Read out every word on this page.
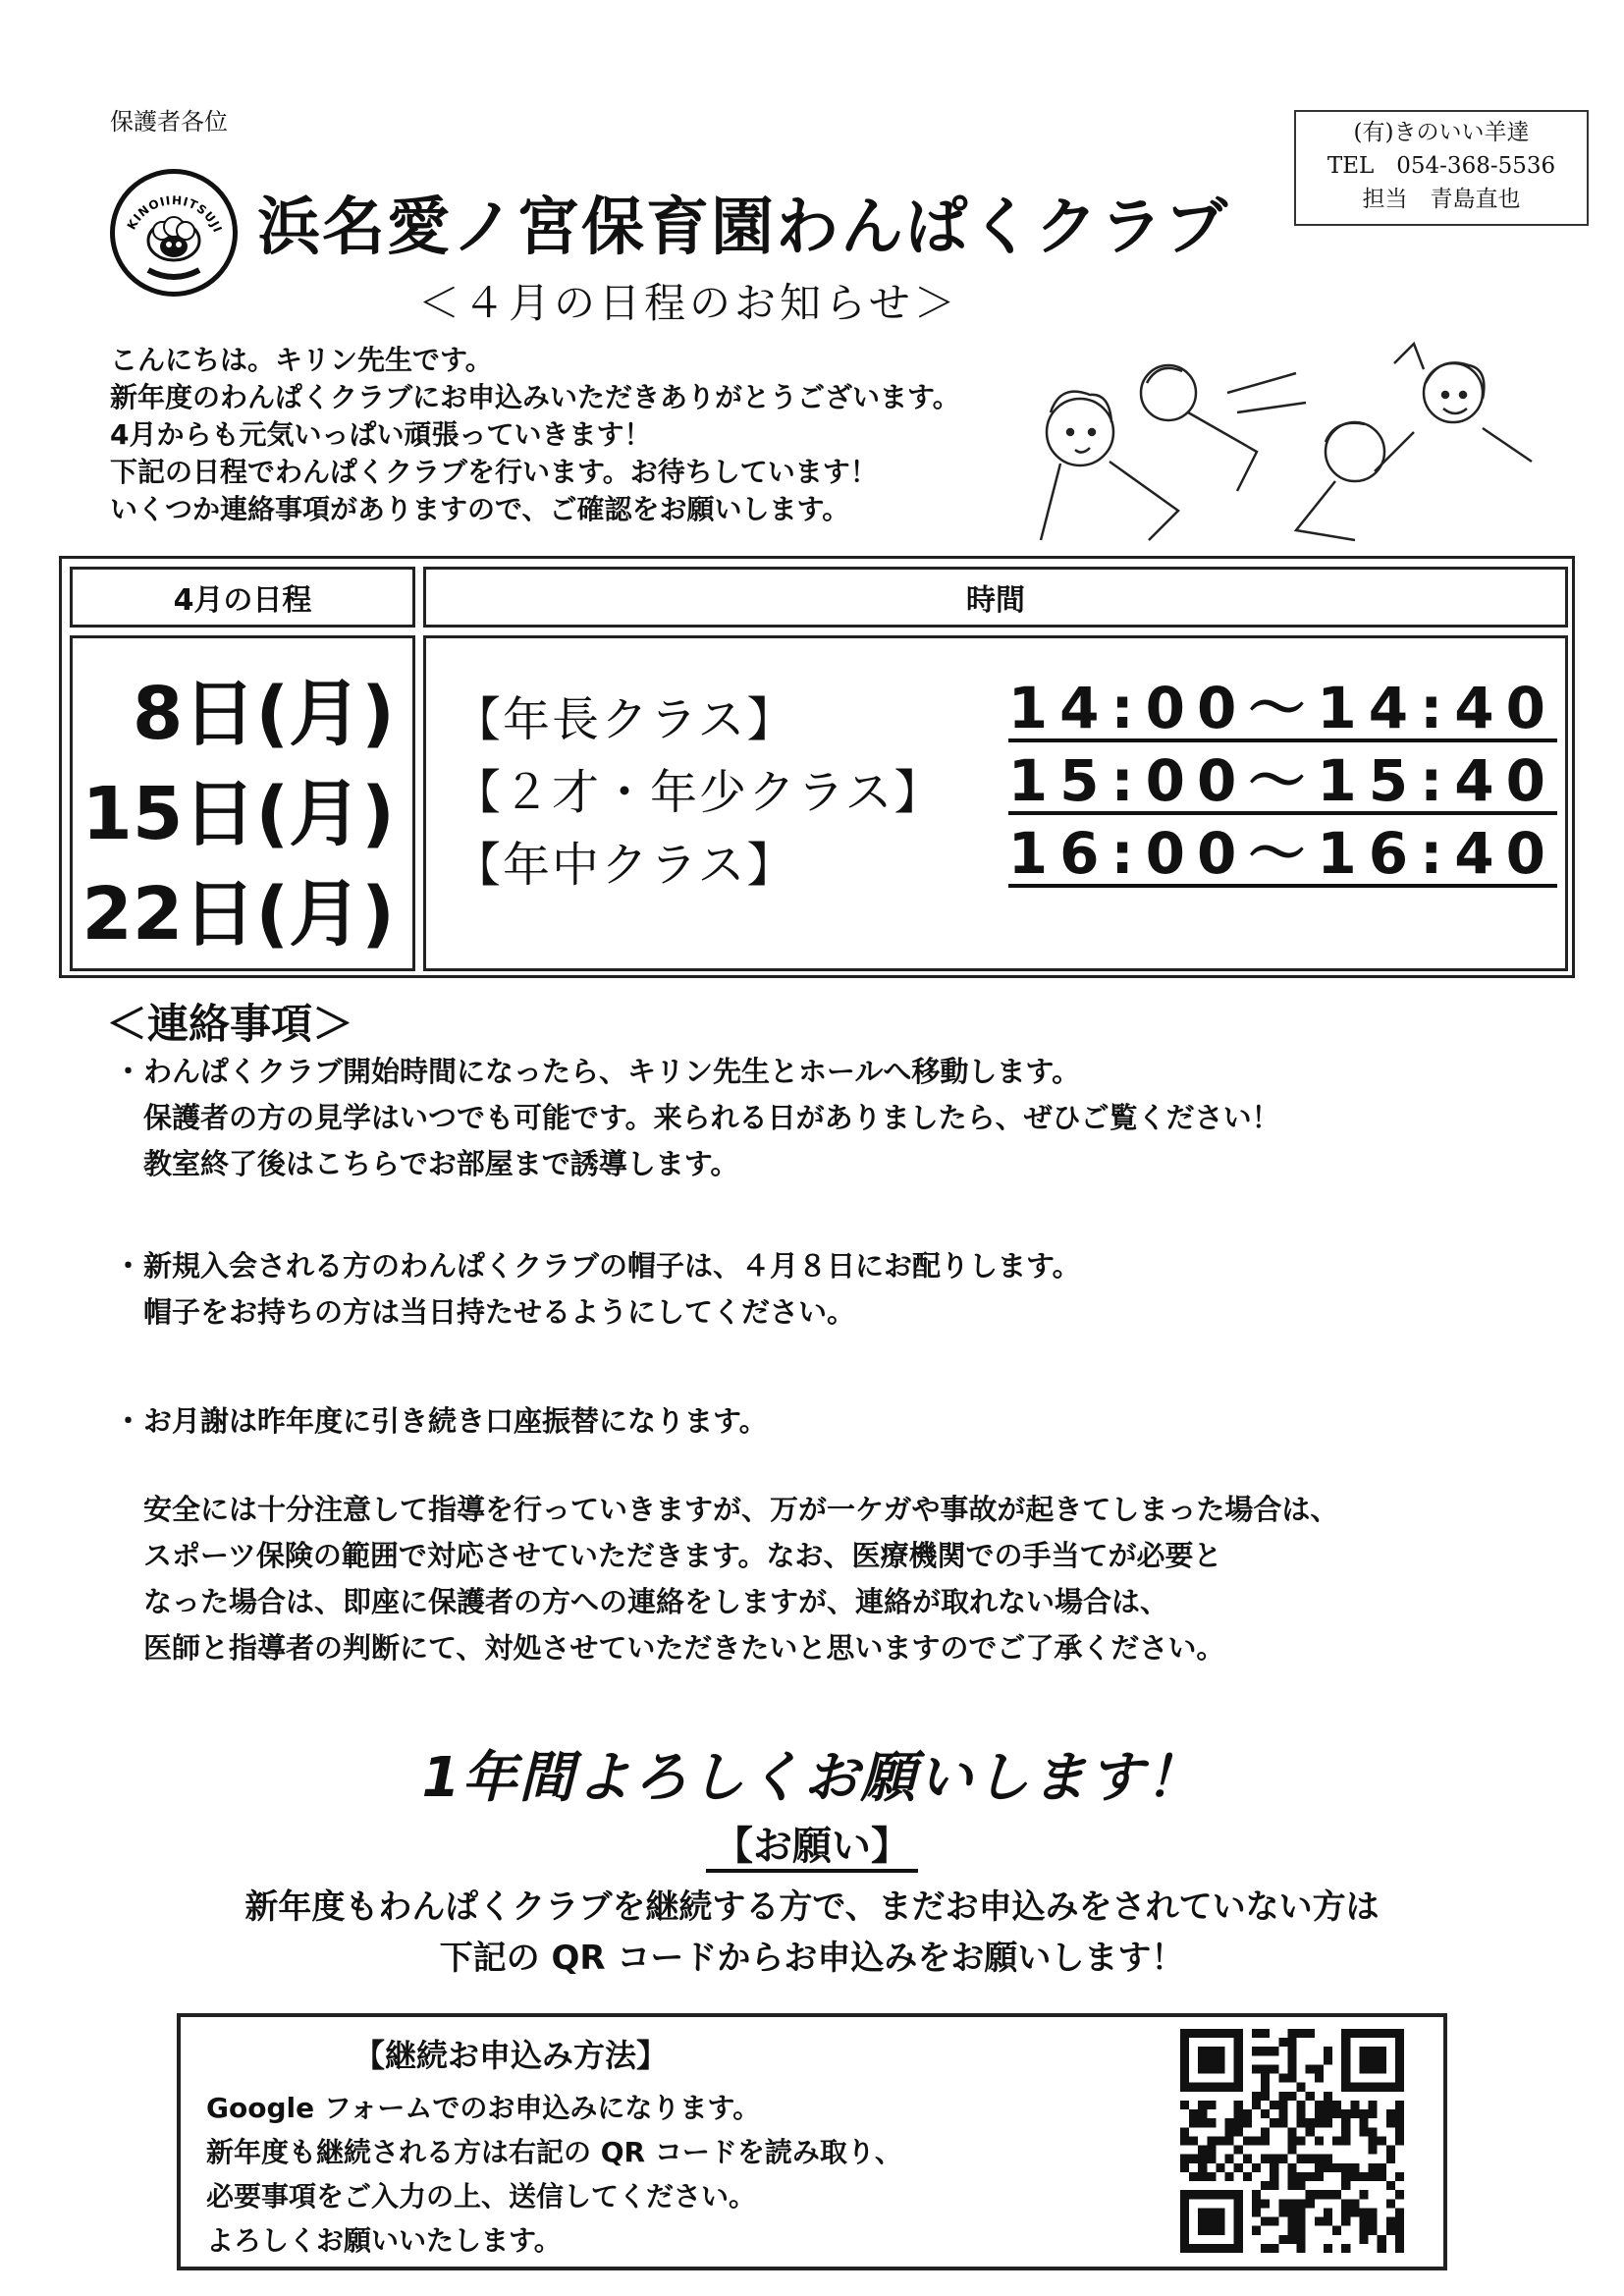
保護者各位	(有)きのいい羊達
TEL　054-368-5536
担当　青島直也
KINOIIHITSUJI 浜名愛ノ宮保育園わんぱくクラブ
＜４月の日程のお知らせ＞
こんにちは。キリン先生です。
新年度のわんぱくクラブにお申込みいただきありがとうございます。
4月からも元気いっぱい頑張っていきます！
下記の日程でわんぱくクラブを行います。お待ちしています！
いくつか連絡事項がありますので、ご確認をお願いします。
4月の日程	時間
8日(月)
15日(月)
22日(月)
【年長クラス】	14:00〜14:40
【２才・年少クラス】 15:00〜15:40
【年中クラス】	16:00〜16:40
＜連絡事項＞
・ わんぱくクラブ開始時間になったら、キリン先生とホールへ移動します。
保護者の方の見学はいつでも可能です。来られる日がありましたら、ぜひご覧ください！
教室終了後はこちらでお部屋まで誘導します。
・ 新規入会される方のわんぱくクラブの帽子は、４月８日にお配りします。
帽子をお持ちの方は当日持たせるようにしてください。
・ お月謝は昨年度に引き続き口座振替になります。
安全には十分注意して指導を行っていきますが、万が一ケガや事故が起きてしまった場合は、
スポーツ保険の範囲で対応させていただきます。なお、医療機関での手当てが必要と
なった場合は、即座に保護者の方への連絡をしますが、連絡が取れない場合は、
医師と指導者の判断にて、対処させていただきたいと思いますのでご了承ください。
1年間よろしくお願いします！
【お願い】
新年度もわんぱくクラブを継続する方で、まだお申込みをされていない方は
下記の QR コードからお申込みをお願いします！
【継続お申込み方法】
Google フォームでのお申込みになります。
新年度も継続される方は右記の QR コードを読み取り、
必要事項をご入力の上、送信してください。
よろしくお願いいたします。
